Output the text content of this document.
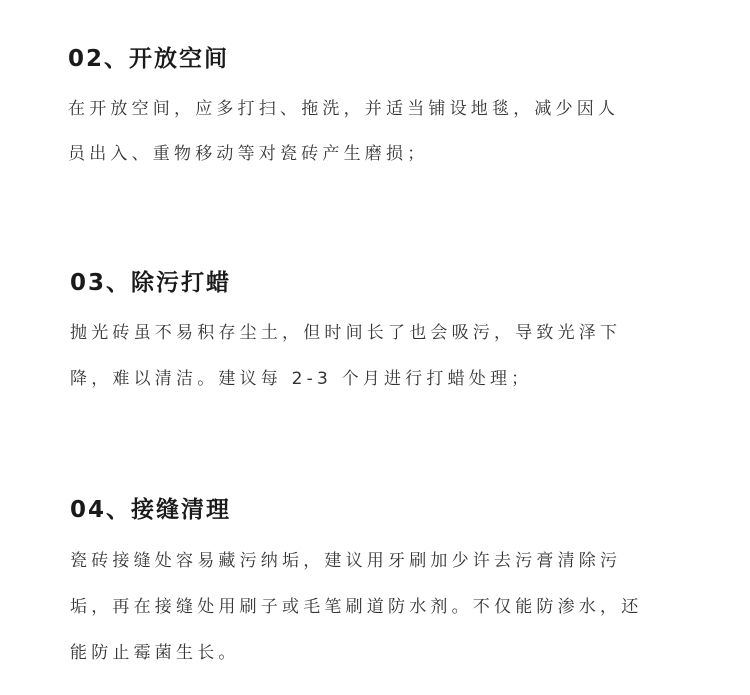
02、开放空间
在开放空间，应多打扫、拖洗，并适当铺设地毯，减少因人
员出入、重物移动等对瓷砖产生磨损；
03、除污打蜡
抛光砖虽不易积存尘土，但时间长了也会吸污，导致光泽下
降，难以清洁。建议每 2-3 个月进行打蜡处理；
04、接缝清理
瓷砖接缝处容易藏污纳垢，建议用牙刷加少许去污膏清除污
垢，再在接缝处用刷子或毛笔刷道防水剂。不仅能防渗水，还
能防止霉菌生长。
